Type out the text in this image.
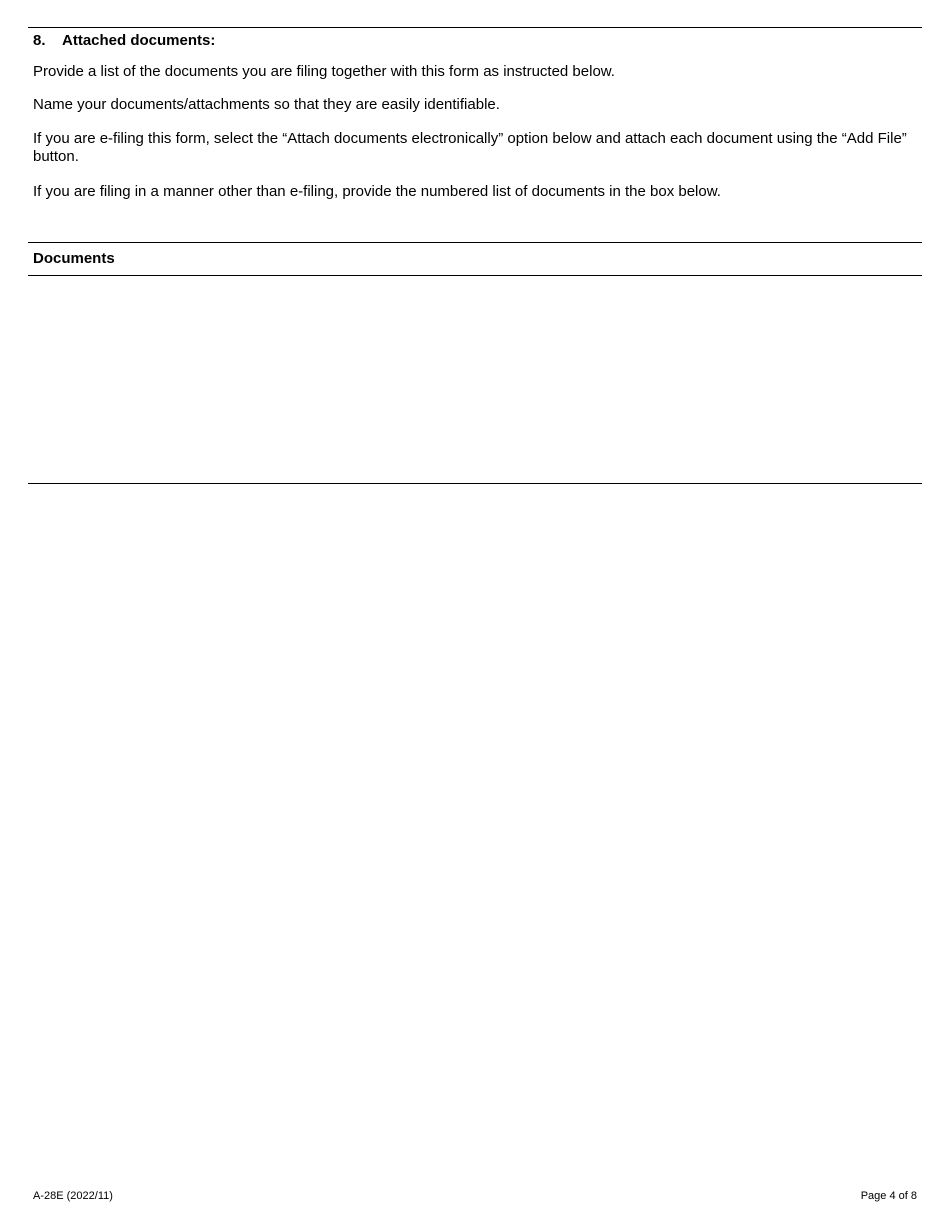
8. Attached documents:
Provide a list of the documents you are filing together with this form as instructed below.
Name your documents/attachments so that they are easily identifiable.
If you are e-filing this form, select the “Attach documents electronically” option below and attach each document using the “Add File” button.
If you are filing in a manner other than e-filing, provide the numbered list of documents in the box below.
Documents
A-28E (2022/11)	Page 4 of 8
